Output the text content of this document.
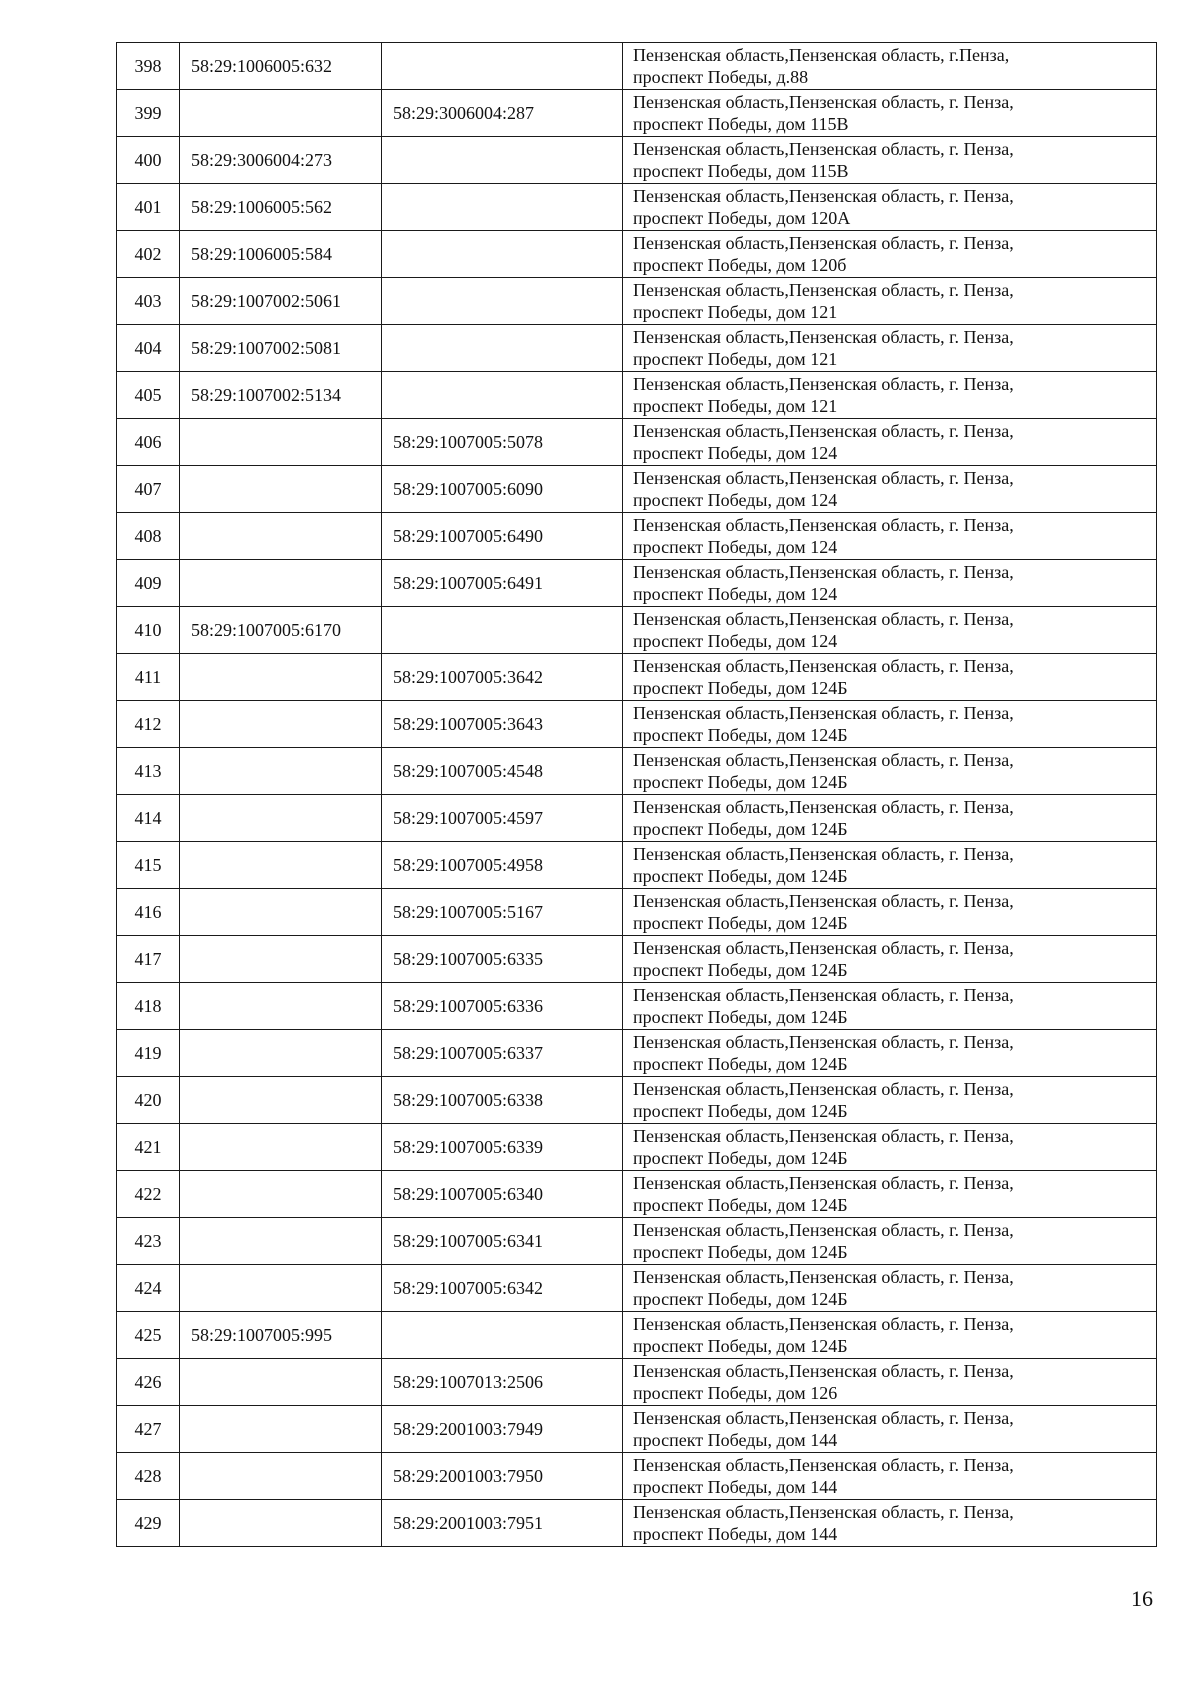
398	58:29:1006005:632		Пензенская область,Пензенская область, г.Пенза,
проспект Победы, д.88

399		58:29:3006004:287	Пензенская область,Пензенская область, г. Пенза,
проспект Победы, дом 115В

400	58:29:3006004:273		Пензенская область,Пензенская область, г. Пенза,
проспект Победы, дом 115В

401	58:29:1006005:562		Пензенская область,Пензенская область, г. Пенза,
проспект Победы, дом 120А

402	58:29:1006005:584		Пензенская область,Пензенская область, г. Пенза,
проспект Победы, дом 120б

403	58:29:1007002:5061		Пензенская область,Пензенская область, г. Пенза,
проспект Победы, дом 121

404	58:29:1007002:5081		Пензенская область,Пензенская область, г. Пенза,
проспект Победы, дом 121

405	58:29:1007002:5134		Пензенская область,Пензенская область, г. Пенза,
проспект Победы, дом 121

406		58:29:1007005:5078	Пензенская область,Пензенская область, г. Пенза,
проспект Победы, дом 124

407		58:29:1007005:6090	Пензенская область,Пензенская область, г. Пенза,
проспект Победы, дом 124

408		58:29:1007005:6490	Пензенская область,Пензенская область, г. Пенза,
проспект Победы, дом 124

409		58:29:1007005:6491	Пензенская область,Пензенская область, г. Пенза,
проспект Победы, дом 124

410	58:29:1007005:6170		Пензенская область,Пензенская область, г. Пенза,
проспект Победы, дом 124

411		58:29:1007005:3642	Пензенская область,Пензенская область, г. Пенза,
проспект Победы, дом 124Б

412		58:29:1007005:3643	Пензенская область,Пензенская область, г. Пенза,
проспект Победы, дом 124Б

413		58:29:1007005:4548	Пензенская область,Пензенская область, г. Пенза,
проспект Победы, дом 124Б

414		58:29:1007005:4597	Пензенская область,Пензенская область, г. Пенза,
проспект Победы, дом 124Б

415		58:29:1007005:4958	Пензенская область,Пензенская область, г. Пенза,
проспект Победы, дом 124Б

416		58:29:1007005:5167	Пензенская область,Пензенская область, г. Пенза,
проспект Победы, дом 124Б

417		58:29:1007005:6335	Пензенская область,Пензенская область, г. Пенза,
проспект Победы, дом 124Б

418		58:29:1007005:6336	Пензенская область,Пензенская область, г. Пенза,
проспект Победы, дом 124Б

419		58:29:1007005:6337	Пензенская область,Пензенская область, г. Пенза,
проспект Победы, дом 124Б

420		58:29:1007005:6338	Пензенская область,Пензенская область, г. Пенза,
проспект Победы, дом 124Б

421		58:29:1007005:6339	Пензенская область,Пензенская область, г. Пенза,
проспект Победы, дом 124Б

422		58:29:1007005:6340	Пензенская область,Пензенская область, г. Пенза,
проспект Победы, дом 124Б

423		58:29:1007005:6341	Пензенская область,Пензенская область, г. Пенза,
проспект Победы, дом 124Б

424		58:29:1007005:6342	Пензенская область,Пензенская область, г. Пенза,
проспект Победы, дом 124Б

425	58:29:1007005:995		Пензенская область,Пензенская область, г. Пенза,
проспект Победы, дом 124Б

426		58:29:1007013:2506	Пензенская область,Пензенская область, г. Пенза,
проспект Победы, дом 126

427		58:29:2001003:7949	Пензенская область,Пензенская область, г. Пенза,
проспект Победы, дом 144

428		58:29:2001003:7950	Пензенская область,Пензенская область, г. Пенза,
проспект Победы, дом 144

429		58:29:2001003:7951	Пензенская область,Пензенская область, г. Пенза,
проспект Победы, дом 144
16
